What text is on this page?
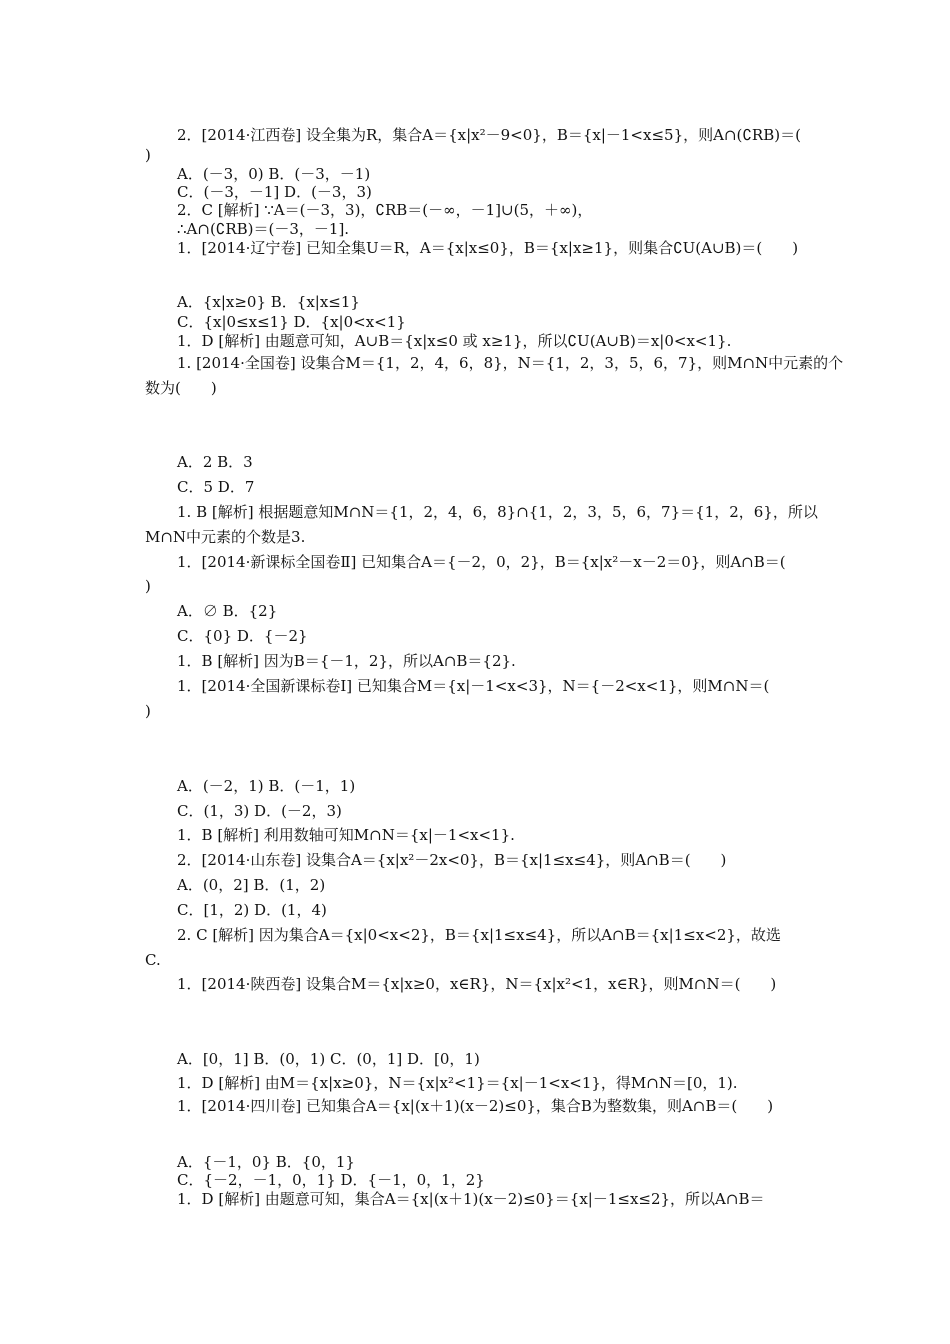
2．[2014·江西卷] 设全集为R，集合A＝{x|x²－9<0}，B＝{x|－1<x≤5}，则A∩(∁RB)＝(
)
A．(－3，0) B．(－3，－1)
C．(－3，－1] D．(－3，3)
2．C [解析] ∵A＝(－3，3)，∁RB＝(－∞，－1]∪(5，＋∞)，
∴A∩(∁RB)＝(－3，－1].
1．[2014·辽宁卷] 已知全集U＝R，A＝{x|x≤0}，B＝{x|x≥1}，则集合∁U(A∪B)＝(　　)
A．{x|x≥0} B．{x|x≤1}
C．{x|0≤x≤1} D．{x|0<x<1}
1．D [解析] 由题意可知，A∪B＝{x|x≤0 或 x≥1}，所以∁U(A∪B)＝x|0<x<1}.
1. [2014·全国卷] 设集合M＝{1，2，4，6，8}，N＝{1，2，3，5，6，7}，则M∩N中元素的个
数为(　　)
A．2 B．3
C．5 D．7
1. B [解析] 根据题意知M∩N＝{1，2，4，6，8}∩{1，2，3，5，6，7}＝{1，2，6}，所以
M∩N中元素的个数是3.
1．[2014·新课标全国卷Ⅱ] 已知集合A＝{－2，0，2}，B＝{x|x²－x－2＝0}，则A∩B＝(
)
A．∅ B．{2}
C．{0} D．{－2}
1．B [解析] 因为B＝{－1，2}，所以A∩B＝{2}.
1．[2014·全国新课标卷Ⅰ] 已知集合M＝{x|－1<x<3}，N＝{－2<x<1}，则M∩N＝(
)
A．(－2，1) B．(－1，1)
C．(1，3) D．(－2，3)
1．B [解析] 利用数轴可知M∩N＝{x|－1<x<1}.
2．[2014·山东卷] 设集合A＝{x|x²－2x<0}，B＝{x|1≤x≤4}，则A∩B＝(　　)
A．(0，2] B．(1，2)
C．[1，2) D．(1，4)
2. C [解析] 因为集合A＝{x|0<x<2}，B＝{x|1≤x≤4}，所以A∩B＝{x|1≤x<2}，故选
C.
1．[2014·陕西卷] 设集合M＝{x|x≥0，x∈R}，N＝{x|x²<1，x∈R}，则M∩N＝(　　)
A．[0，1] B．(0，1) C．(0，1] D．[0，1)
1．D [解析] 由M＝{x|x≥0}，N＝{x|x²<1}＝{x|－1<x<1}，得M∩N＝[0，1).
1．[2014·四川卷] 已知集合A＝{x|(x＋1)(x－2)≤0}，集合B为整数集，则A∩B＝(　　)
A．{－1，0} B．{0，1}
C．{－2，－1，0，1} D．{－1，0，1，2}
1．D [解析] 由题意可知，集合A＝{x|(x＋1)(x－2)≤0}＝{x|－1≤x≤2}，所以A∩B＝
